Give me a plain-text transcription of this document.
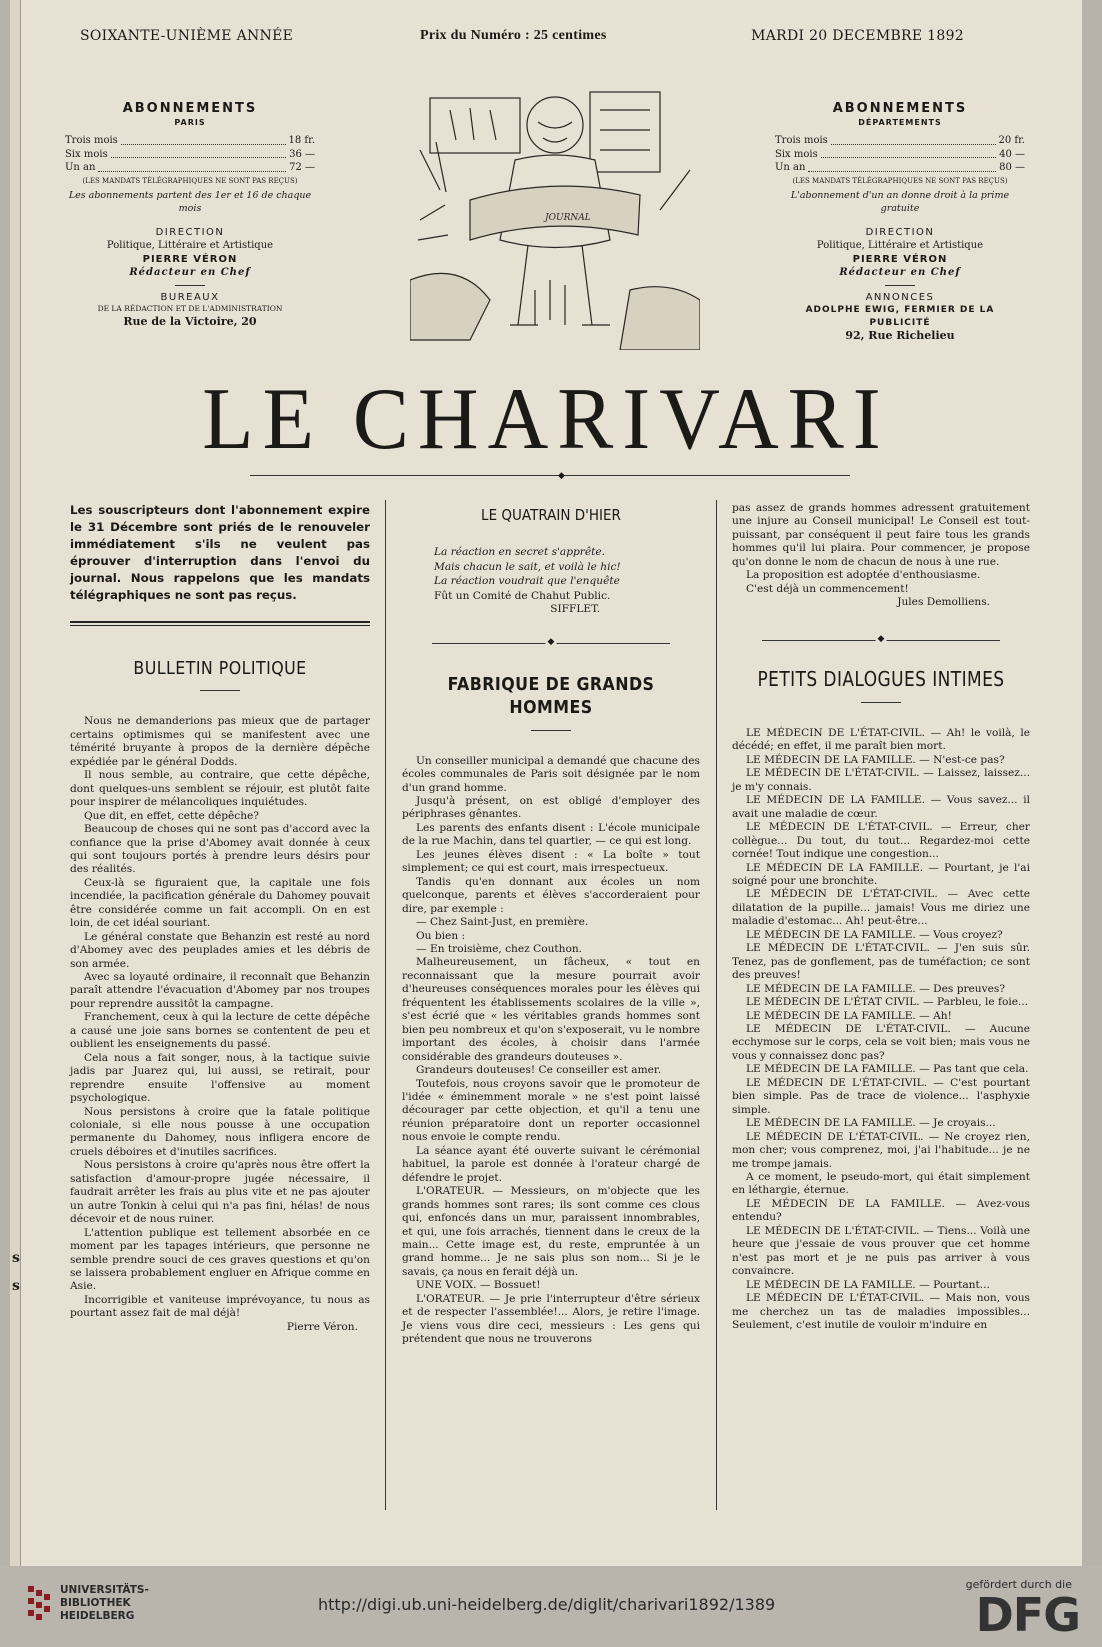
s
s
SOIXANTE-UNIÈME ANNÉE	Prix du Numéro : 25 centimes	MARDI 20 DECEMBRE 1892
ABONNEMENTS
PARIS
Trois mois	18 fr.
Six mois	36 —
Un an	72 —
(LES MANDATS TÉLÉGRAPHIQUES NE SONT PAS REÇUS)
Les abonnements partent des 1er et 16 de chaque mois
DIRECTION
Politique, Littéraire et Artistique
PIERRE VÉRON
Rédacteur en Chef
BUREAUX
DE LA RÉDACTION ET DE L'ADMINISTRATION
Rue de la Victoire, 20
ABONNEMENTS
DÉPARTEMENTS
Trois mois	20 fr.
Six mois	40 —
Un an	80 —
(LES MANDATS TÉLÉGRAPHIQUES NE SONT PAS REÇUS)
L'abonnement d'un an donne droit à la prime gratuite
DIRECTION
Politique, Littéraire et Artistique
PIERRE VÉRON
Rédacteur en Chef
ANNONCES
ADOLPHE EWIG, FERMIER DE LA PUBLICITÉ
92, Rue Richelieu
JOURNAL
LE CHARIVARI
◆

Les souscripteurs dont l'abonnement expire le 31 Décembre sont priés de le renouveler immédiatement s'ils ne veulent pas éprouver d'interruption dans l'envoi du journal. Nous rappelons que les mandats télégraphiques ne sont pas reçus.

BULLETIN POLITIQUE

Nous ne demanderions pas mieux que de partager certains optimismes qui se manifestent avec une témérité bruyante à propos de la dernière dépêche expédiée par le général Dodds.

Il nous semble, au contraire, que cette dépêche, dont quelques-uns semblent se réjouir, est plutôt faite pour inspirer de mélancoliques inquiétudes.

Que dit, en effet, cette dépêche?

Beaucoup de choses qui ne sont pas d'accord avec la confiance que la prise d'Abomey avait donnée à ceux qui sont toujours portés à prendre leurs désirs pour des réalités.

Ceux-là se figuraient que, la capitale une fois incendiée, la pacification générale du Dahomey pouvait être considérée comme un fait accompli. On en est loin, de cet idéal souriant.

Le général constate que Behanzin est resté au nord d'Abomey avec des peuplades amies et les débris de son armée.

Avec sa loyauté ordinaire, il reconnaît que Behanzin paraît attendre l'évacuation d'Abomey par nos troupes pour reprendre aussitôt la campagne.

Franchement, ceux à qui la lecture de cette dépêche a causé une joie sans bornes se contentent de peu et oublient les enseignements du passé.

Cela nous a fait songer, nous, à la tactique suivie jadis par Juarez qui, lui aussi, se retirait, pour reprendre ensuite l'offensive au moment psychologique.

Nous persistons à croire que la fatale politique coloniale, si elle nous pousse à une occupation permanente du Dahomey, nous infligera encore de cruels déboires et d'inutiles sacrifices.

Nous persistons à croire qu'après nous être offert la satisfaction d'amour-propre jugée nécessaire, il faudrait arrêter les frais au plus vite et ne pas ajouter un autre Tonkin à celui qui n'a pas fini, hélas! de nous décevoir et de nous ruiner.

L'attention publique est tellement absorbée en ce moment par les tapages intérieurs, que personne ne semble prendre souci de ces graves questions et qu'on se laissera probablement engluer en Afrique comme en Asie.

Incorrigible et vaniteuse imprévoyance, tu nous as pourtant assez fait de mal déjà!

Pierre Véron.
LE QUATRAIN D'HIER
La réaction en secret s'apprête.
Mais chacun le sait, et voilà le hic!
La réaction voudrait que l'enquête
Fût un Comité de Chahut Public.
SIFFLET.
◆
FABRIQUE DE GRANDS HOMMES

Un conseiller municipal a demandé que chacune des écoles communales de Paris soit désignée par le nom d'un grand homme.

Jusqu'à présent, on est obligé d'employer des périphrases gênantes.

Les parents des enfants disent : L'école municipale de la rue Machin, dans tel quartier, — ce qui est long.

Les jeunes élèves disent : « La boîte » tout simplement; ce qui est court, mais irrespectueux.

Tandis qu'en donnant aux écoles un nom quelconque, parents et élèves s'accorderaient pour dire, par exemple :

— Chez Saint-Just, en première.

Ou bien :

— En troisième, chez Couthon.

Malheureusement, un fâcheux, « tout en reconnaissant que la mesure pourrait avoir d'heureuses conséquences morales pour les élèves qui fréquentent les établissements scolaires de la ville », s'est écrié que « les véritables grands hommes sont bien peu nombreux et qu'on s'exposerait, vu le nombre important des écoles, à choisir dans l'armée considérable des grandeurs douteuses ».

Grandeurs douteuses! Ce conseiller est amer.

Toutefois, nous croyons savoir que le promoteur de l'idée « éminemment morale » ne s'est point laissé décourager par cette objection, et qu'il a tenu une réunion préparatoire dont un reporter occasionnel nous envoie le compte rendu.

La séance ayant été ouverte suivant le cérémonial habituel, la parole est donnée à l'orateur chargé de défendre le projet.

L'ORATEUR. — Messieurs, on m'objecte que les grands hommes sont rares; ils sont comme ces clous qui, enfoncés dans un mur, paraissent innombrables, et qui, une fois arrachés, tiennent dans le creux de la main... Cette image est, du reste, empruntée à un grand homme... Je ne sais plus son nom... Si je le savais, ça nous en ferait déjà un.

UNE VOIX. — Bossuet!

L'ORATEUR. — Je prie l'interrupteur d'être sérieux et de respecter l'assemblée!... Alors, je retire l'image. Je viens vous dire ceci, messieurs : Les gens qui prétendent que nous ne trouverons

pas assez de grands hommes adressent gratuitement une injure au Conseil municipal! Le Conseil est tout-puissant, par conséquent il peut faire tous les grands hommes qu'il lui plaira. Pour commencer, je propose qu'on donne le nom de chacun de nous à une rue.

La proposition est adoptée d'enthousiasme.

C'est déjà un commencement!

Jules Demolliens.
◆
PETITS DIALOGUES INTIMES

LE MÉDECIN DE L'ÉTAT-CIVIL. — Ah! le voilà, le décédé; en effet, il me paraît bien mort.

LE MÉDECIN DE LA FAMILLE. — N'est-ce pas?

LE MÉDECIN DE L'ÉTAT-CIVIL. — Laissez, laissez... je m'y connais.

LE MÉDECIN DE LA FAMILLE. — Vous savez... il avait une maladie de cœur.

LE MÉDECIN DE L'ÉTAT-CIVIL. — Erreur, cher collègue... Du tout, du tout... Regardez-moi cette cornée! Tout indique une congestion...

LE MÉDECIN DE LA FAMILLE. — Pourtant, je l'ai soigné pour une bronchite.

LE MÉDECIN DE L'ÉTAT-CIVIL. — Avec cette dilatation de la pupille... jamais! Vous me diriez une maladie d'estomac... Ah! peut-être...

LE MÉDECIN DE LA FAMILLE. — Vous croyez?

LE MÉDECIN DE L'ÉTAT-CIVIL. — J'en suis sûr. Tenez, pas de gonflement, pas de tuméfaction; ce sont des preuves!

LE MÉDECIN DE LA FAMILLE. — Des preuves?

LE MÉDECIN DE L'ÉTAT CIVIL. — Parbleu, le foie...

LE MÉDECIN DE LA FAMILLE. — Ah!

LE MÉDECIN DE L'ÉTAT-CIVIL. — Aucune ecchymose sur le corps, cela se voit bien; mais vous ne vous y connaissez donc pas?

LE MÉDECIN DE LA FAMILLE. — Pas tant que cela.

LE MÉDECIN DE L'ÉTAT-CIVIL. — C'est pourtant bien simple. Pas de trace de violence... l'asphyxie simple.

LE MÉDECIN DE LA FAMILLE. — Je croyais...

LE MÉDECIN DE L'ÉTAT-CIVIL. — Ne croyez rien, mon cher; vous comprenez, moi, j'ai l'habitude... je ne me trompe jamais.

A ce moment, le pseudo-mort, qui était simplement en léthargie, éternue.

LE MÉDECIN DE LA FAMILLE. — Avez-vous entendu?

LE MÉDECIN DE L'ÉTAT-CIVIL. — Tiens... Voilà une heure que j'essaie de vous prouver que cet homme n'est pas mort et je ne puis pas arriver à vous convaincre.

LE MÉDECIN DE LA FAMILLE. — Pourtant...

LE MÉDECIN DE L'ÉTAT-CIVIL. — Mais non, vous me cherchez un tas de maladies impossibles... Seulement, c'est inutile de vouloir m'induire en

UNIVERSITÄTS-
BIBLIOTHEK
HEIDELBERG
http://digi.ub.uni-heidelberg.de/diglit/charivari1892/1389
gefördert durch die
DFG
